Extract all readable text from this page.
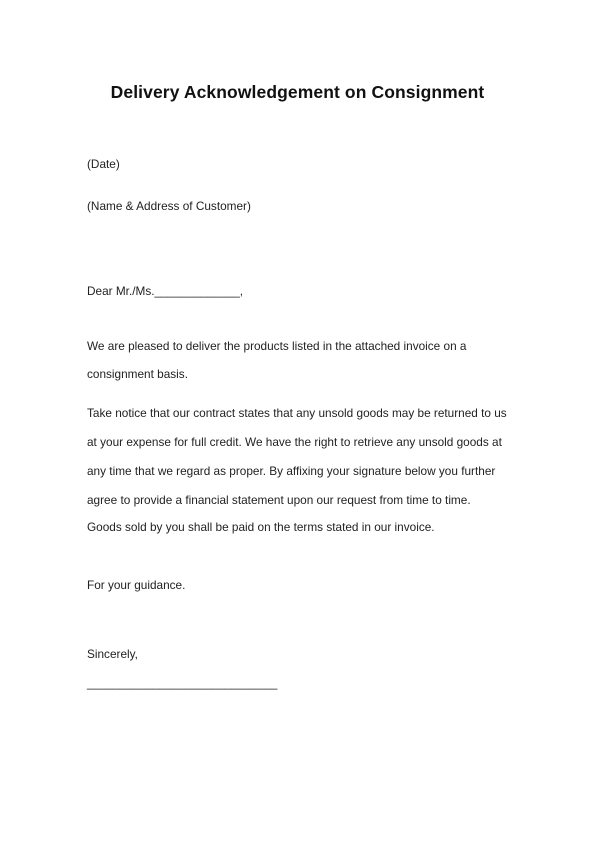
Delivery Acknowledgement on Consignment
(Date)
(Name & Address of Customer)
Dear Mr./Ms._____________,
We are pleased to deliver the products listed in the attached invoice on a
consignment basis.
Take notice that our contract states that any unsold goods may be returned to us
at your expense for full credit. We have the right to retrieve any unsold goods at
any time that we regard as proper. By affixing your signature below you further
agree to provide a financial statement upon our request from time to time.
Goods sold by you shall be paid on the terms stated in our invoice.
For your guidance.
Sincerely,
_____________________________
